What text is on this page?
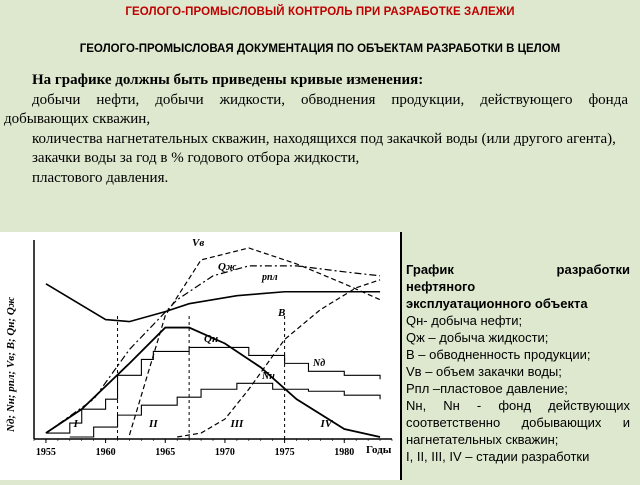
ГЕОЛОГО-ПРОМЫСЛОВЫЙ КОНТРОЛЬ ПРИ РАЗРАБОТКЕ ЗАЛЕЖИ
ГЕОЛОГО-ПРОМЫСЛОВАЯ ДОКУМЕНТАЦИЯ ПО ОБЪЕКТАМ РАЗРАБОТКИ В ЦЕЛОМ

На графике должны быть приведены кривые изменения:

добычи нефти, добычи жидкости, обводнения продукции, действующего фонда добывающих скважин,

количества нагнетательных скважин, находящихся под закачкой воды (или другого агента),

закачки воды за год в % годового отбора жидкости,

пластового давления.

I	II	III	IV
1955	1960	1965	1970	1975	1980 Годы
Nд; Nн; pпл; Vв; B; Qн; Qж
Vв
Qж
pпл
B
Qн
Nд
Nн
График	разработки
нефтяного
эксплуатационного объекта
Qн- добыча нефти;
Qж – добыча жидкости;
В – обводненность продукции;
Vв – объем закачки воды;
Pпл –пластовое давление;
Nн, Nн - фонд действующих соответственно добывающих и нагнетательных скважин;
I, II, III, IV – стадии разработки
